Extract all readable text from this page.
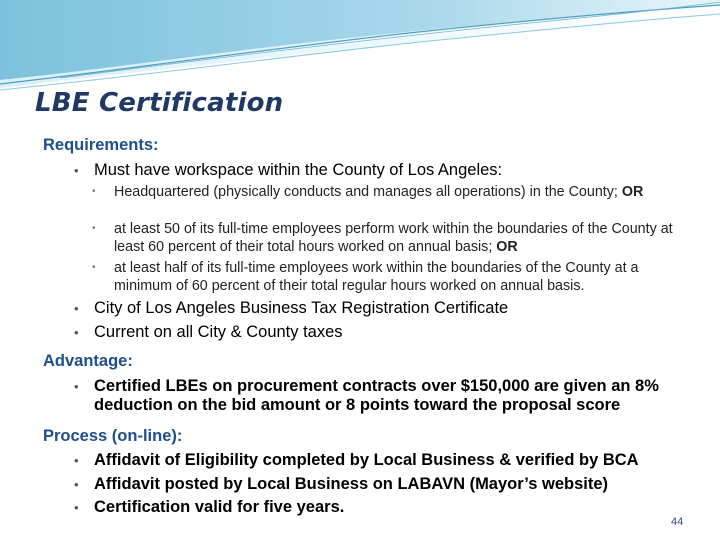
LBE Certification
Requirements:
• Must have workspace within the County of Los Angeles:
• Headquartered (physically conducts and manages all operations) in the County; OR
• at least 50 of its full-time employees perform work within the boundaries of the County at least 60 percent of their total hours worked on annual basis; OR
• at least half of its full-time employees work within the boundaries of the County at a minimum of 60 percent of their total regular hours worked on annual basis.
• City of Los Angeles Business Tax Registration Certificate
• Current on all City & County taxes
Advantage:
• Certified LBEs on procurement contracts over $150,000 are given an 8% deduction on the bid amount or 8 points toward the proposal score
Process (on-line):
• Affidavit of Eligibility completed by Local Business & verified by BCA
• Affidavit posted by Local Business on LABAVN (Mayor’s website)
• Certification valid for five years.
44
